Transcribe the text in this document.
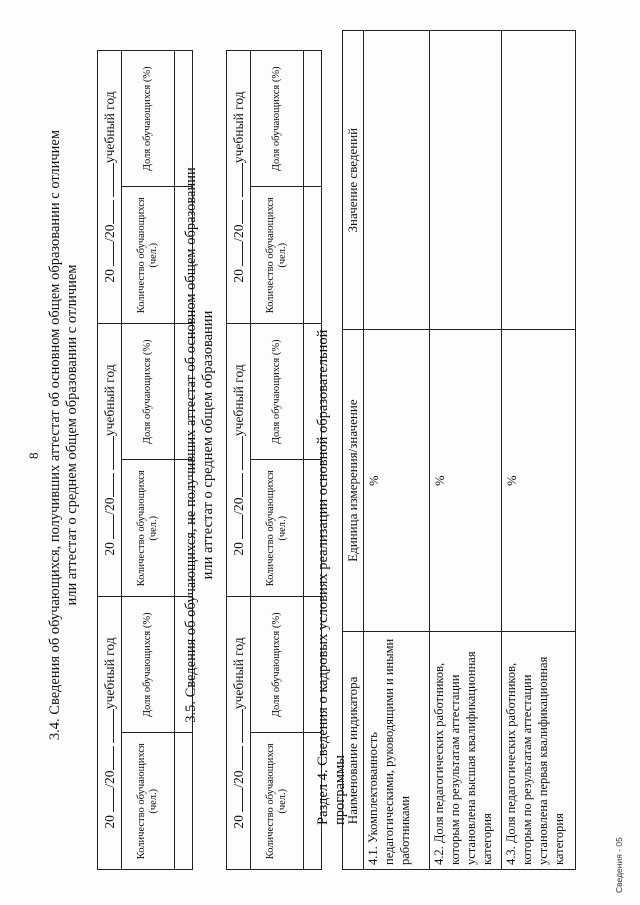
8 3.4. Сведения об обучающихся, получивших аттестат об основном общем образовании с отличием или аттестат о среднем общем образовании с отличием
20 /20 учебный год		20 /20 учебный год		20 /20 учебный год	
Количество обучающихся (чел.)	Доля обучающихся (%)	Количество обучающихся (чел.)	Доля обучающихся (%)	Количество обучающихся (чел.)	Доля обучающихся (%)

3.5. Сведения об обучающихся, не получивших аттестат об основном общем образовании или аттестат о среднем общем образовании
20 /20 учебный год		20 /20 учебный год		20 /20 учебный год	
Количество обучающихся (чел.)	Доля обучающихся (%)	Количество обучающихся (чел.)	Доля обучающихся (%)	Количество обучающихся (чел.)	Доля обучающихся (%)

Раздел 4. Сведения о кадровых условиях реализации основной образовательной программы
Наименование индикатора	Единица измерения/значение	Значение сведений
4.1. Укомплектованность педагогическими, руководящими и иными работниками	%	
4.2. Доля педагогических работников, которым по результатам аттестации установлена высшая квалификационная категория	%	
4.3. Доля педагогических работников, которым по результатам аттестации установлена первая квалификационная категория	%	
Сведения - 05
